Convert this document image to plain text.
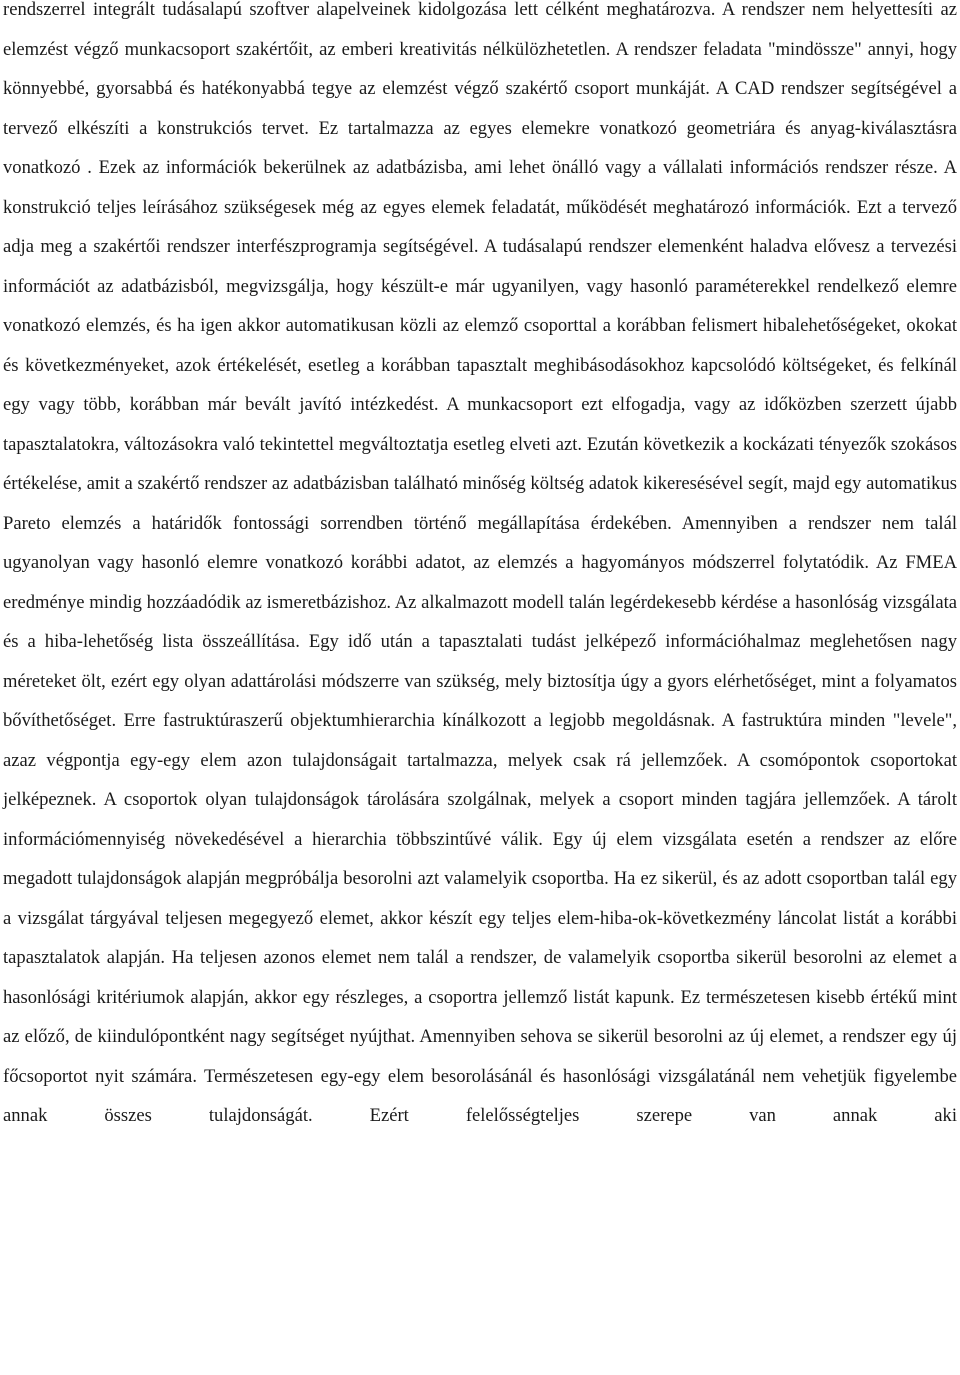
rendszerrel integrált tudásalapú szoftver alapelveinek kidolgozása lett célként meghatározva. A rendszer nem helyettesíti az elemzést végző munkacsoport szakértőit, az emberi kreativitás nélkülözhetetlen. A rendszer feladata "mindössze" annyi, hogy könnyebbé, gyorsabbá és hatékonyabbá tegye az elemzést végző szakértő csoport munkáját. A CAD rendszer segítségével a tervező elkészíti a konstrukciós tervet. Ez tartalmazza az egyes elemekre vonatkozó geometriára és anyag-kiválasztásra vonatkozó . Ezek az információk bekerülnek az adatbázisba, ami lehet önálló vagy a vállalati információs rendszer része. A konstrukció teljes leírásához szükségesek még az egyes elemek feladatát, működését meghatározó információk. Ezt a tervező adja meg a szakértői rendszer interfészprogramja segítségével. A tudásalapú rendszer elemenként haladva elővesz a tervezési információt az adatbázisból, megvizsgálja, hogy készült-e már ugyanilyen, vagy hasonló paraméterekkel rendelkező elemre vonatkozó elemzés, és ha igen akkor automatikusan közli az elemző csoporttal a korábban felismert hibalehetőségeket, okokat és következményeket, azok értékelését, esetleg a korábban tapasztalt meghibásodásokhoz kapcsolódó költségeket, és felkínál egy vagy több, korábban már bevált javító intézkedést. A munkacsoport ezt elfogadja, vagy az időközben szerzett újabb tapasztalatokra, változásokra való tekintettel megváltoztatja esetleg elveti azt. Ezután következik a kockázati tényezők szokásos értékelése, amit a szakértő rendszer az adatbázisban található minőség költség adatok kikeresésével segít, majd egy automatikus Pareto elemzés a határidők fontossági sorrendben történő megállapítása érdekében. Amennyiben a rendszer nem talál ugyanolyan vagy hasonló elemre vonatkozó korábbi adatot, az elemzés a hagyományos módszerrel folytatódik. Az FMEA eredménye mindig hozzáadódik az ismeretbázishoz. Az alkalmazott modell talán legérdekesebb kérdése a hasonlóság vizsgálata és a hiba-lehetőség lista összeállítása. Egy idő után a tapasztalati tudást jelképező információhalmaz meglehetősen nagy méreteket ölt, ezért egy olyan adattárolási módszerre van szükség, mely biztosítja úgy a gyors elérhetőséget, mint a folyamatos bővíthetőséget. Erre fastruktúraszerű objektumhierarchia kínálkozott a legjobb megoldásnak. A fastruktúra minden "levele", azaz végpontja egy-egy elem azon tulajdonságait tartalmazza, melyek csak rá jellemzőek. A csomópontok csoportokat jelképeznek. A csoportok olyan tulajdonságok tárolására szolgálnak, melyek a csoport minden tagjára jellemzőek. A tárolt információmennyiség növekedésével a hierarchia többszintűvé válik. Egy új elem vizsgálata esetén a rendszer az előre megadott tulajdonságok alapján megpróbálja besorolni azt valamelyik csoportba. Ha ez sikerül, és az adott csoportban talál egy a vizsgálat tárgyával teljesen megegyező elemet, akkor készít egy teljes elem-hiba-ok-következmény láncolat listát a korábbi tapasztalatok alapján. Ha teljesen azonos elemet nem talál a rendszer, de valamelyik csoportba sikerül besorolni az elemet a hasonlósági kritériumok alapján, akkor egy részleges, a csoportra jellemző listát kapunk. Ez természetesen kisebb értékű mint az előző, de kiindulópontként nagy segítséget nyújthat. Amennyiben sehova se sikerül besorolni az új elemet, a rendszer egy új főcsoportot nyit számára. Természetesen egy-egy elem besorolásánál és hasonlósági vizsgálatánál nem vehetjük figyelembe annak összes tulajdonságát. Ezért felelősségteljes szerepe van annak aki
